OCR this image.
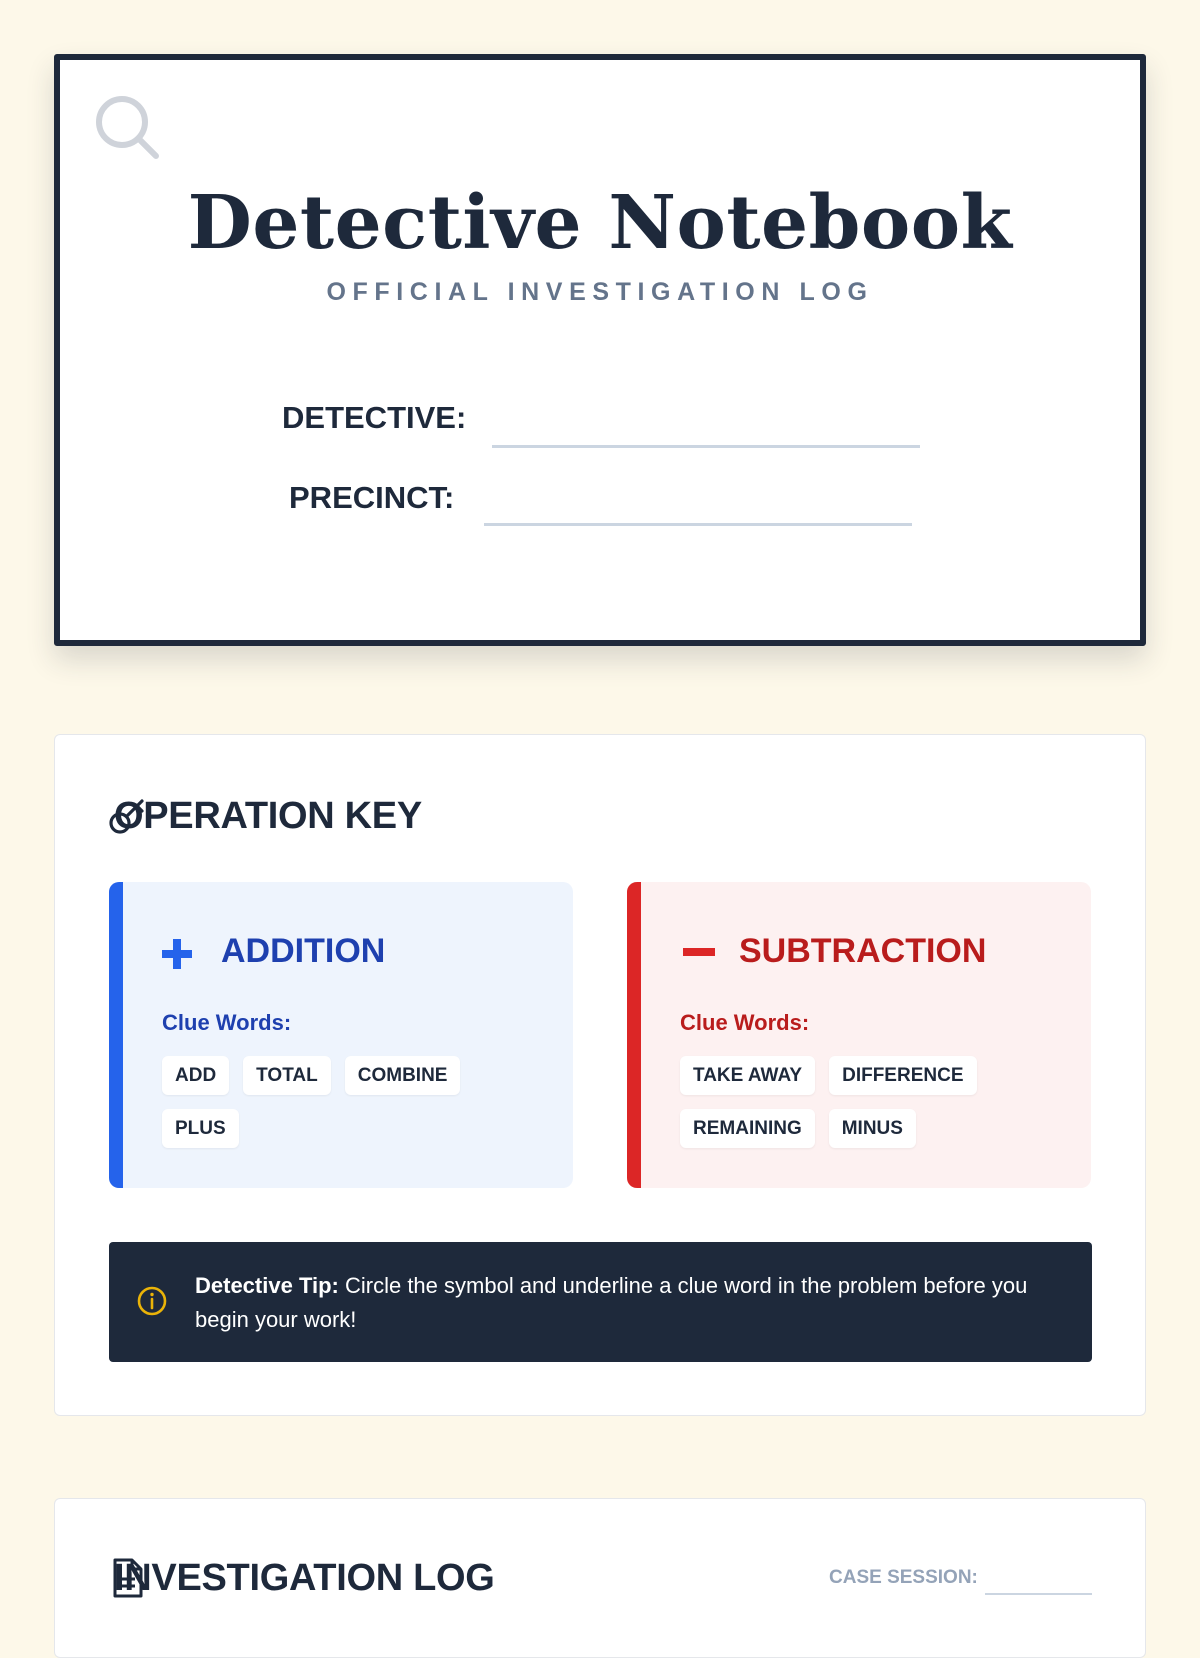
Detective Notebook
OFFICIAL INVESTIGATION LOG
DETECTIVE:
PRECINCT:
OPERATION KEY
ADDITION
Clue Words:
ADD	TOTAL	COMBINE
PLUS
SUBTRACTION
Clue Words:
TAKE AWAY	DIFFERENCE
REMAINING	MINUS
Detective Tip: Circle the symbol and underline a clue word in the problem before you begin your work!
INVESTIGATION LOG	CASE SESSION:
